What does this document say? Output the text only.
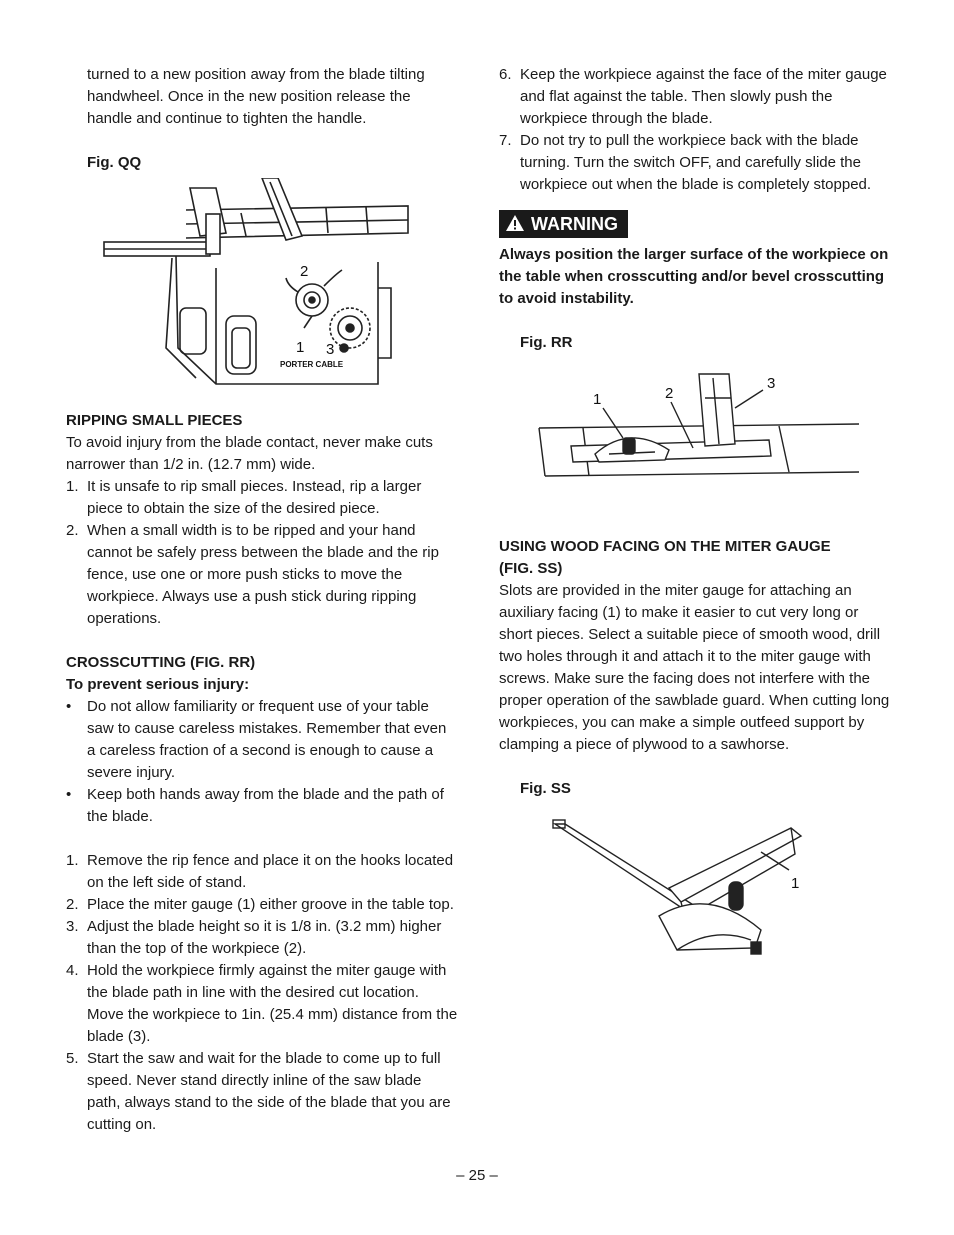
turned to a new position away from the blade tilting handwheel. Once in the new position release the handle and continue to tighten the handle.

Fig. QQ

PORTER CABLE
1
2
3

RIPPING SMALL PIECES

To avoid injury from the blade contact, never make cuts narrower than 1/2 in. (12.7 mm) wide.

1. It is unsafe to rip small pieces. Instead, rip a larger piece to obtain the size of the desired piece.
2. When a small width is to be ripped and your hand cannot be safely press between the blade and the rip fence, use one or more push sticks to move the workpiece. Always use a push stick during ripping operations.

CROSSCUTTING (FIG. RR)

To prevent serious injury:

• Do not allow familiarity or frequent use of your table saw to cause careless mistakes. Remember that even a careless fraction of a second is enough to cause a severe injury.
• Keep both hands away from the blade and the path of the blade.
1. Remove the rip fence and place it on the hooks located on the left side of stand.
2. Place the miter gauge (1) either groove in the table top.
3. Adjust the blade height so it is 1/8 in. (3.2 mm) higher than the top of the workpiece (2).
4. Hold the workpiece firmly against the miter gauge with the blade path in line with the desired cut location. Move the workpiece to 1in. (25.4 mm) distance from the blade (3).
5. Start the saw and wait for the blade to come up to full speed. Never stand directly inline of the saw blade path, always stand to the side of the blade that you are cutting on.
6. Keep the workpiece against the face of the miter gauge and flat against the table. Then slowly push the workpiece through the blade.
7. Do not try to pull the workpiece back with the blade turning. Turn the switch OFF, and carefully slide the workpiece out when the blade is completely stopped.
WARNING

Always position the larger surface of the workpiece on the table when crosscutting and/or bevel crosscutting to avoid instability.

Fig. RR

1	2
3

USING WOOD FACING ON THE MITER GAUGE

(FIG. SS)

Slots are provided in the miter gauge for attaching an auxiliary facing (1) to make it easier to cut very long or short pieces. Select a suitable piece of smooth wood, drill two holes through it and attach it to the miter gauge with screws. Make sure the facing does not interfere with the proper operation of the sawblade guard. When cutting long workpieces, you can make a simple outfeed support by clamping a piece of plywood to a sawhorse.

Fig. SS

1
– 25 –
